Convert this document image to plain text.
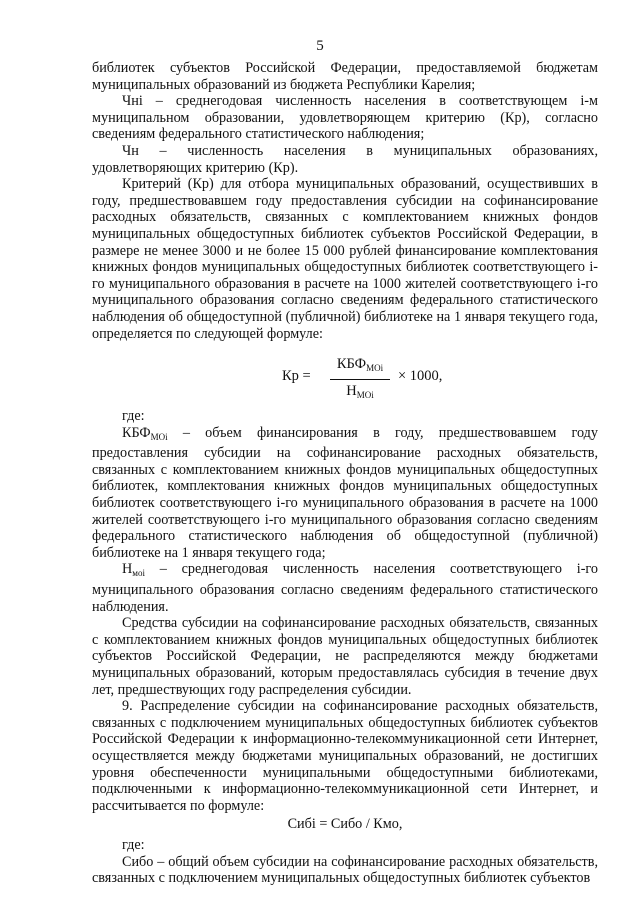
5

библиотек субъектов Российской Федерации, предоставляемой бюджетам муниципальных образований из бюджета Республики Карелия;

Чнi – среднегодовая численность населения в соответствующем i-м муниципальном образовании, удовлетворяющем критерию (Кр), согласно сведениям федерального статистического наблюдения;

Чн – численность населения в муниципальных образованиях, удовлетворяющих критерию (Кр).

Критерий (Кр) для отбора муниципальных образований, осуществивших в году, предшествовавшем году предоставления субсидии на софинансирование расходных обязательств, связанных с комплектованием книжных фондов муниципальных общедоступных библиотек субъектов Российской Федерации, в размере не менее 3000 и не более 15 000 рублей финансирование комплектования книжных фондов муниципальных общедоступных библиотек соответствующего i-го муниципального образования в расчете на 1000 жителей соответствующего i-го муниципального образования согласно сведениям федерального статистического наблюдения об общедоступной (публичной) библиотеке на 1 января текущего года, определяется по следующей формуле:

Кр =
$КБФ_{МОi}$
$Н_{МОi}$
× 1000,

где:

$КБФ_{МОi}$ – объем финансирования в году, предшествовавшем году предоставления субсидии на софинансирование расходных обязательств, связанных с комплектованием книжных фондов муниципальных общедоступных библиотек, комплектования книжных фондов муниципальных общедоступных библиотек соответствующего i-го муниципального образования в расчете на 1000 жителей соответствующего i-го муниципального образования согласно сведениям федерального статистического наблюдения об общедоступной (публичной) библиотеке на 1 января текущего года;

$Н_{моi}$ – среднегодовая численность населения соответствующего i-го муниципального образования согласно сведениям федерального статистического наблюдения.

Средства субсидии на софинансирование расходных обязательств, связанных с комплектованием книжных фондов муниципальных общедоступных библиотек субъектов Российской Федерации, не распределяются между бюджетами муниципальных образований, которым предоставлялась субсидия в течение двух лет, предшествующих году распределения субсидии.

9. Распределение субсидии на софинансирование расходных обязательств, связанных с подключением муниципальных общедоступных библиотек субъектов Российской Федерации к информационно-телекоммуникационной сети Интернет, осуществляется между бюджетами муниципальных образований, не достигших уровня обеспеченности муниципальными общедоступными библиотеками, подключенными к информационно-телекоммуникационной сети Интернет, и рассчитывается по формуле:

Сибi = Сибо / Кмо,

где:

Сибо – общий объем субсидии на софинансирование расходных обязательств, связанных с подключением муниципальных общедоступных библиотек субъектов
